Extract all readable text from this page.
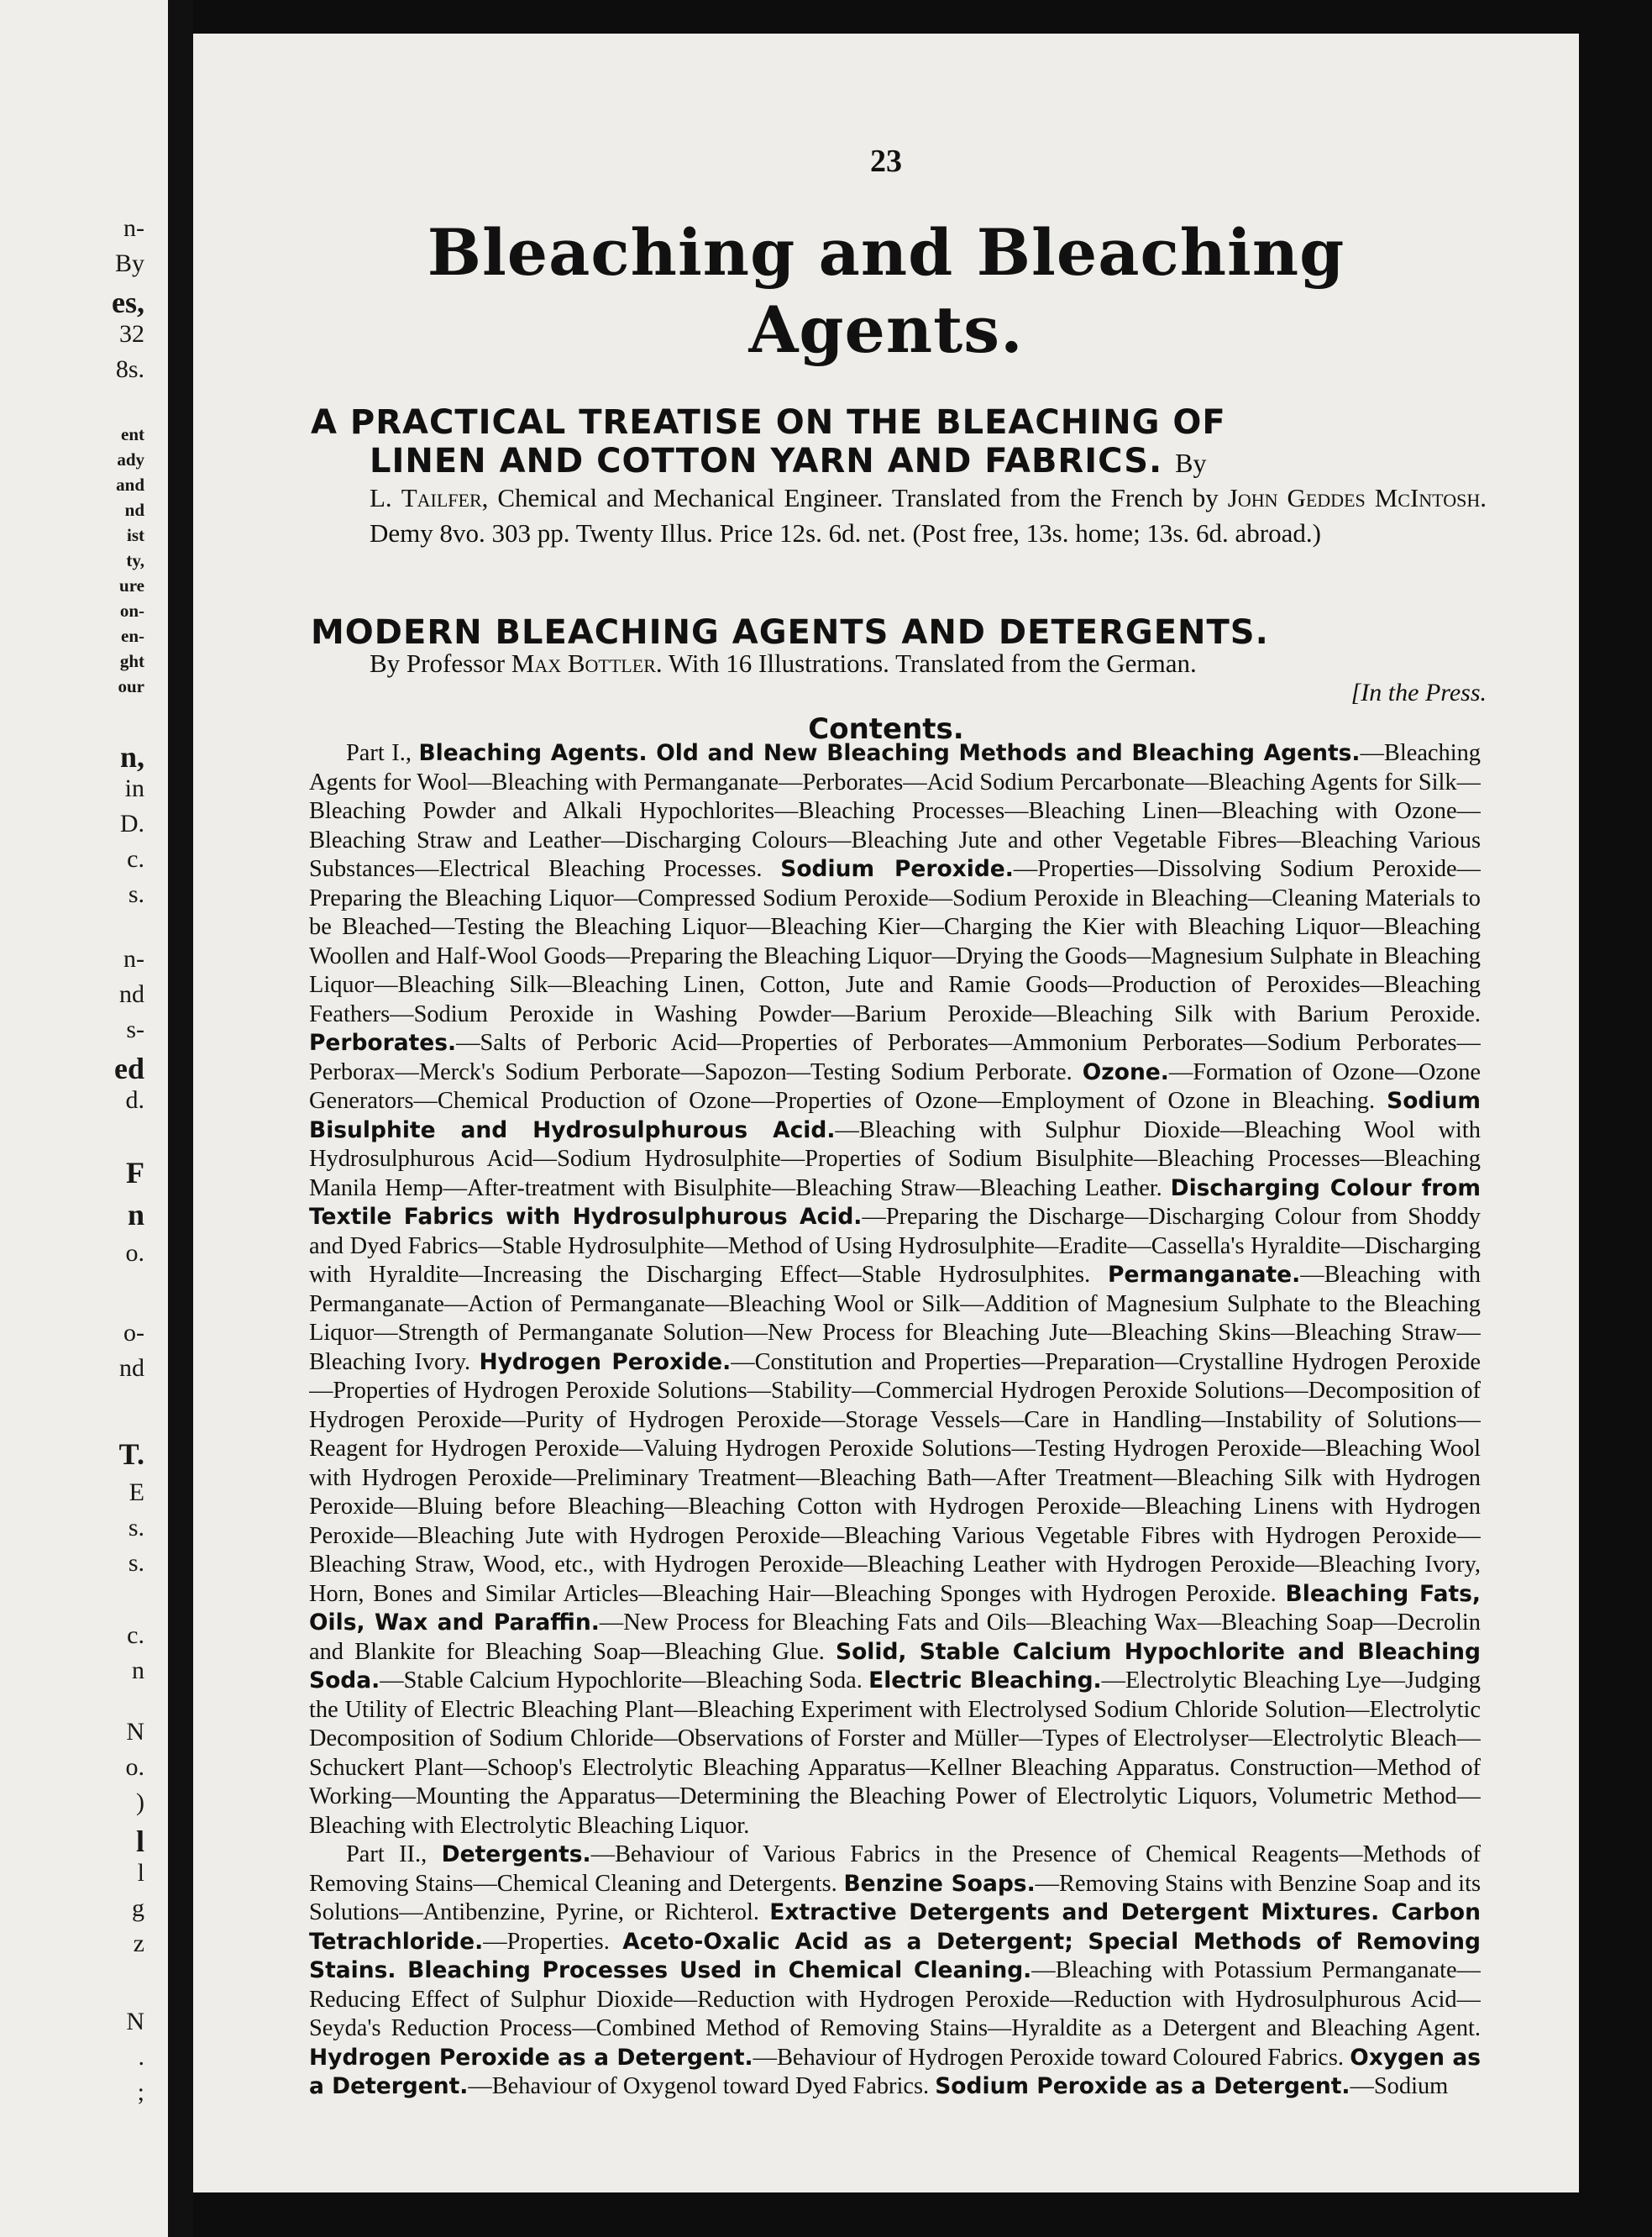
n-
By
es,
32
8s.
ent
ady
and
nd
ist
ty,
ure
on-
en-
ght
our
n,
in
D.
c.
s.
n-
nd
s-
ed
d.
F
n
o.
o-
nd
T.
E
s.
s.
c.
n
N
o.
)
l
l
g
z
N
.
;
23
Bleaching and Bleaching
Agents.
A PRACTICAL TREATISE ON THE BLEACHING OF
LINEN AND COTTON YARN AND FABRICS. By
L. Tailfer, Chemical and Mechanical Engineer. Translated from the French by John Geddes McIntosh. Demy 8vo. 303 pp. Twenty Illus. Price 12s. 6d. net. (Post free, 13s. home; 13s. 6d. abroad.)
MODERN BLEACHING AGENTS AND DETERGENTS.
By Professor Max Bottler. With 16 Illustrations. Translated from the German.
[In the Press.
Contents.

Part I., Bleaching Agents. Old and New Bleaching Methods and Bleaching Agents.—Bleaching Agents for Wool—Bleaching with Permanganate—Perborates—Acid Sodium Percarbonate—Bleaching Agents for Silk—Bleaching Powder and Alkali Hypochlorites—Bleaching Processes—Bleaching Linen—Bleaching with Ozone—Bleaching Straw and Leather—Discharging Colours—Bleaching Jute and other Vegetable Fibres—Bleaching Various Substances—Electrical Bleaching Processes. Sodium Peroxide.—Properties—Dissolving Sodium Peroxide—Preparing the Bleaching Liquor—Compressed Sodium Peroxide—Sodium Peroxide in Bleaching—Cleaning Materials to be Bleached—Testing the Bleaching Liquor—Bleaching Kier—Charging the Kier with Bleaching Liquor—Bleaching Woollen and Half-Wool Goods—Preparing the Bleaching Liquor—Drying the Goods—Magnesium Sulphate in Bleaching Liquor—Bleaching Silk—Bleaching Linen, Cotton, Jute and Ramie Goods—Production of Peroxides—Bleaching Feathers—Sodium Peroxide in Washing Powder—Barium Peroxide—Bleaching Silk with Barium Peroxide. Perborates.—Salts of Perboric Acid—Properties of Perborates—Ammonium Perborates—Sodium Perborates—Perborax—Merck's Sodium Perborate—Sapozon—Testing Sodium Perborate. Ozone.—Formation of Ozone—Ozone Generators—Chemical Production of Ozone—Properties of Ozone—Employment of Ozone in Bleaching. Sodium Bisulphite and Hydrosulphurous Acid.—Bleaching with Sulphur Dioxide—Bleaching Wool with Hydrosulphurous Acid—Sodium Hydrosulphite—Properties of Sodium Bisulphite—Bleaching Processes—Bleaching Manila Hemp—After-treatment with Bisulphite—Bleaching Straw—Bleaching Leather. Discharging Colour from Textile Fabrics with Hydrosulphurous Acid.—Preparing the Discharge—Discharging Colour from Shoddy and Dyed Fabrics—Stable Hydrosulphite—Method of Using Hydrosulphite—Eradite—Cassella's Hyraldite—Discharging with Hyraldite—Increasing the Discharging Effect—Stable Hydrosulphites. Permanganate.—Bleaching with Permanganate—Action of Permanganate—Bleaching Wool or Silk—Addition of Magnesium Sulphate to the Bleaching Liquor—Strength of Permanganate Solution—New Process for Bleaching Jute—Bleaching Skins—Bleaching Straw—Bleaching Ivory. Hydrogen Peroxide.—Constitution and Properties—Preparation—Crystalline Hydrogen Peroxide—Properties of Hydrogen Peroxide Solutions—Stability—Commercial Hydrogen Peroxide Solutions—Decomposition of Hydrogen Peroxide—Purity of Hydrogen Peroxide—Storage Vessels—Care in Handling—Instability of Solutions—Reagent for Hydrogen Peroxide—Valuing Hydrogen Peroxide Solutions—Testing Hydrogen Peroxide—Bleaching Wool with Hydrogen Peroxide—Preliminary Treatment—Bleaching Bath—After Treatment—Bleaching Silk with Hydrogen Peroxide—Bluing before Bleaching—Bleaching Cotton with Hydrogen Peroxide—Bleaching Linens with Hydrogen Peroxide—Bleaching Jute with Hydrogen Peroxide—Bleaching Various Vegetable Fibres with Hydrogen Peroxide—Bleaching Straw, Wood, etc., with Hydrogen Peroxide—Bleaching Leather with Hydrogen Peroxide—Bleaching Ivory, Horn, Bones and Similar Articles—Bleaching Hair—Bleaching Sponges with Hydrogen Peroxide. Bleaching Fats, Oils, Wax and Paraffin.—New Process for Bleaching Fats and Oils—Bleaching Wax—Bleaching Soap—Decrolin and Blankite for Bleaching Soap—Bleaching Glue. Solid, Stable Calcium Hypochlorite and Bleaching Soda.—Stable Calcium Hypochlorite—Bleaching Soda. Electric Bleaching.—Electrolytic Bleaching Lye—Judging the Utility of Electric Bleaching Plant—Bleaching Experiment with Electrolysed Sodium Chloride Solution—Electrolytic Decomposition of Sodium Chloride—Observations of Forster and Müller—Types of Electrolyser—Electrolytic Bleach—Schuckert Plant—Schoop's Electrolytic Bleaching Apparatus—Kellner Bleaching Apparatus. Construction—Method of Working—Mounting the Apparatus—Determining the Bleaching Power of Electrolytic Liquors, Volumetric Method—Bleaching with Electrolytic Bleaching Liquor.

Part II., Detergents.—Behaviour of Various Fabrics in the Presence of Chemical Reagents—Methods of Removing Stains—Chemical Cleaning and Detergents. Benzine Soaps.—Removing Stains with Benzine Soap and its Solutions—Antibenzine, Pyrine, or Richterol. Extractive Detergents and Detergent Mixtures. Carbon Tetrachloride.—Properties. Aceto-Oxalic Acid as a Detergent; Special Methods of Removing Stains. Bleaching Processes Used in Chemical Cleaning.—Bleaching with Potassium Permanganate—Reducing Effect of Sulphur Dioxide—Reduction with Hydrogen Peroxide—Reduction with Hydrosulphurous Acid—Seyda's Reduction Process—Combined Method of Removing Stains—Hyraldite as a Detergent and Bleaching Agent. Hydrogen Peroxide as a Detergent.—Behaviour of Hydrogen Peroxide toward Coloured Fabrics. Oxygen as a Detergent.—Behaviour of Oxygenol toward Dyed Fabrics. Sodium Peroxide as a Detergent.—Sodium
